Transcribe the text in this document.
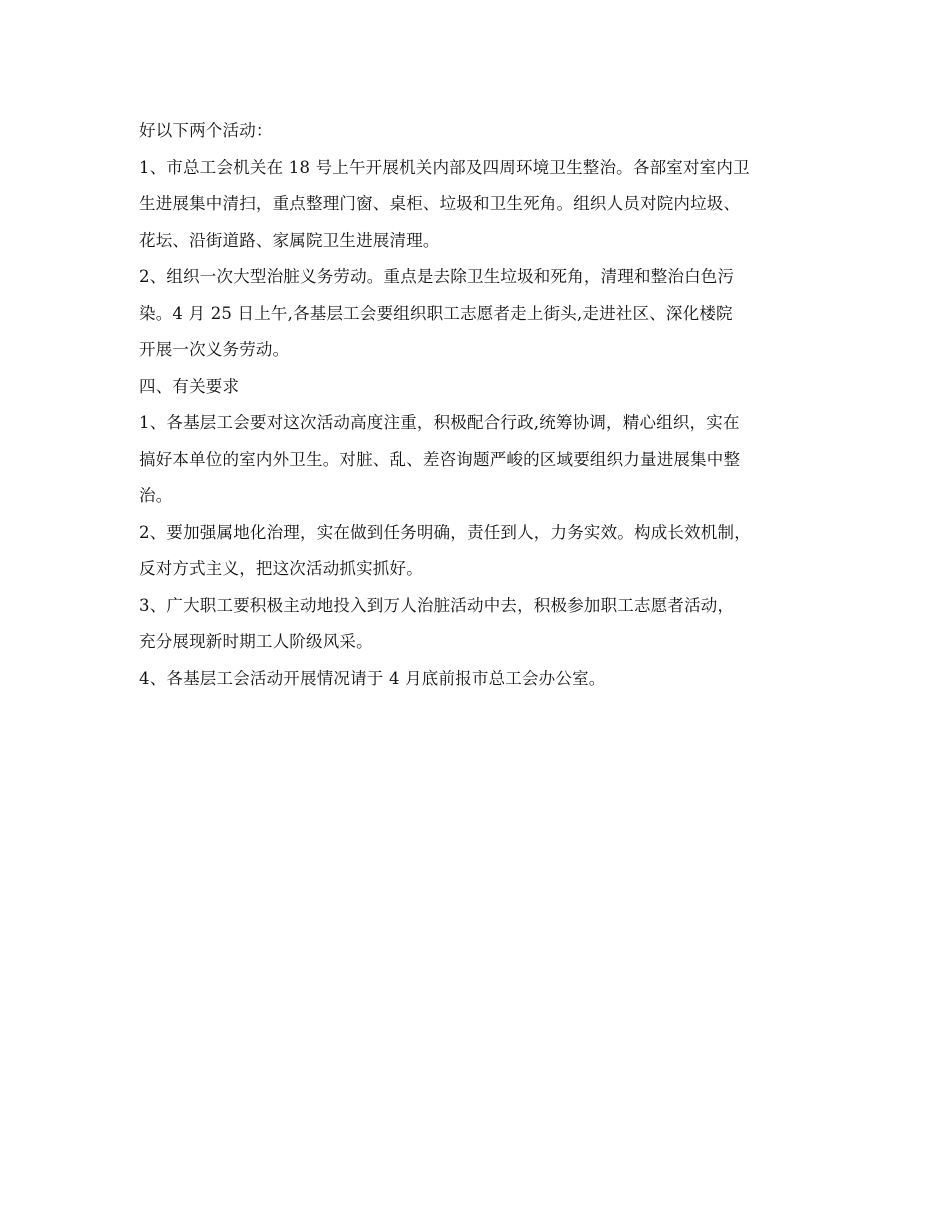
好以下两个活动：
1、市总工会机关在 18 号上午开展机关内部及四周环境卫生整治。各部室对室内卫
生进展集中清扫，重点整理门窗、桌柜、垃圾和卫生死角。组织人员对院内垃圾、
花坛、沿街道路、家属院卫生进展清理。
2、组织一次大型治脏义务劳动。重点是去除卫生垃圾和死角，清理和整治白色污
染。4 月 25 日上午,各基层工会要组织职工志愿者走上街头,走进社区、深化楼院
开展一次义务劳动。
四、有关要求
1、各基层工会要对这次活动高度注重，积极配合行政,统筹协调，精心组织，实在
搞好本单位的室内外卫生。对脏、乱、差咨询题严峻的区域要组织力量进展集中整
治。
2、要加强属地化治理，实在做到任务明确，责任到人，力务实效。构成长效机制，
反对方式主义，把这次活动抓实抓好。
3、广大职工要积极主动地投入到万人治脏活动中去，积极参加职工志愿者活动，
充分展现新时期工人阶级风采。
4、各基层工会活动开展情况请于 4 月底前报市总工会办公室。
